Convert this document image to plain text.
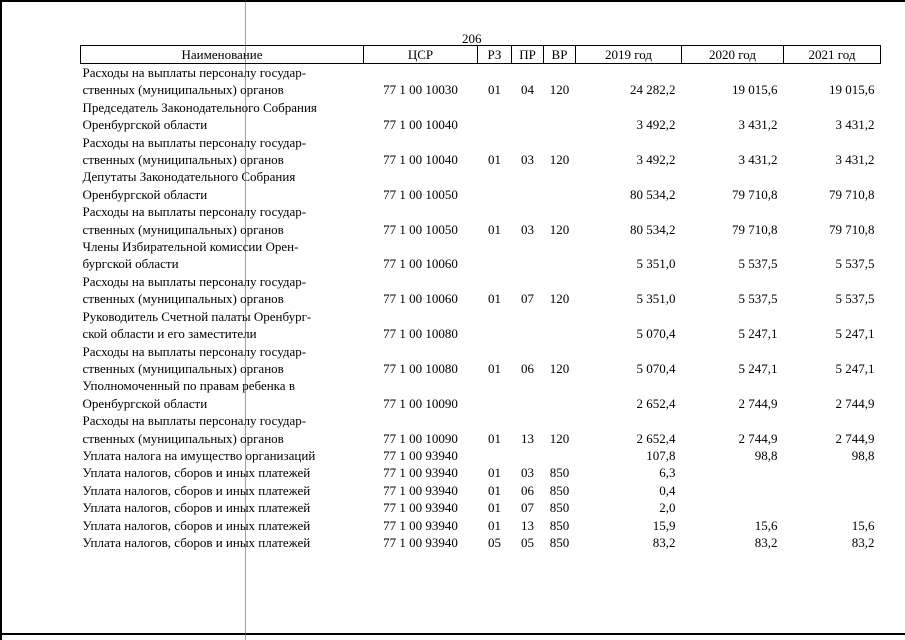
206
Наименование	ЦСР	РЗ	ПР	ВР	2019 год	2020 год	2021 год

Расходы на выплаты персоналу государ-
ственных (муниципальных) органов	77 1 00 10030	01	04	120	24 282,2	19 015,6	19 015,6

Председатель Законодательного Собрания
Оренбургской области	77 1 00 10040				3 492,2	3 431,2	3 431,2

Расходы на выплаты персоналу государ-
ственных (муниципальных) органов	77 1 00 10040	01	03	120	3 492,2	3 431,2	3 431,2

Депутаты Законодательного Собрания
Оренбургской области	77 1 00 10050				80 534,2	79 710,8	79 710,8

Расходы на выплаты персоналу государ-
ственных (муниципальных) органов	77 1 00 10050	01	03	120	80 534,2	79 710,8	79 710,8

Члены Избирательной комиссии Орен-
бургской области	77 1 00 10060				5 351,0	5 537,5	5 537,5

Расходы на выплаты персоналу государ-
ственных (муниципальных) органов	77 1 00 10060	01	07	120	5 351,0	5 537,5	5 537,5

Руководитель Счетной палаты Оренбург-
ской области и его заместители	77 1 00 10080				5 070,4	5 247,1	5 247,1

Расходы на выплаты персоналу государ-
ственных (муниципальных) органов	77 1 00 10080	01	06	120	5 070,4	5 247,1	5 247,1

Уполномоченный по правам ребенка в
Оренбургской области	77 1 00 10090				2 652,4	2 744,9	2 744,9

Расходы на выплаты персоналу государ-
ственных (муниципальных) органов	77 1 00 10090	01	13	120	2 652,4	2 744,9	2 744,9

Уплата налога на имущество организаций	77 1 00 93940				107,8	98,8	98,8

Уплата налогов, сборов и иных платежей	77 1 00 93940	01	03	850	6,3		

Уплата налогов, сборов и иных платежей	77 1 00 93940	01	06	850	0,4		

Уплата налогов, сборов и иных платежей	77 1 00 93940	01	07	850	2,0		

Уплата налогов, сборов и иных платежей	77 1 00 93940	01	13	850	15,9	15,6	15,6

Уплата налогов, сборов и иных платежей	77 1 00 93940	05	05	850	83,2	83,2	83,2
